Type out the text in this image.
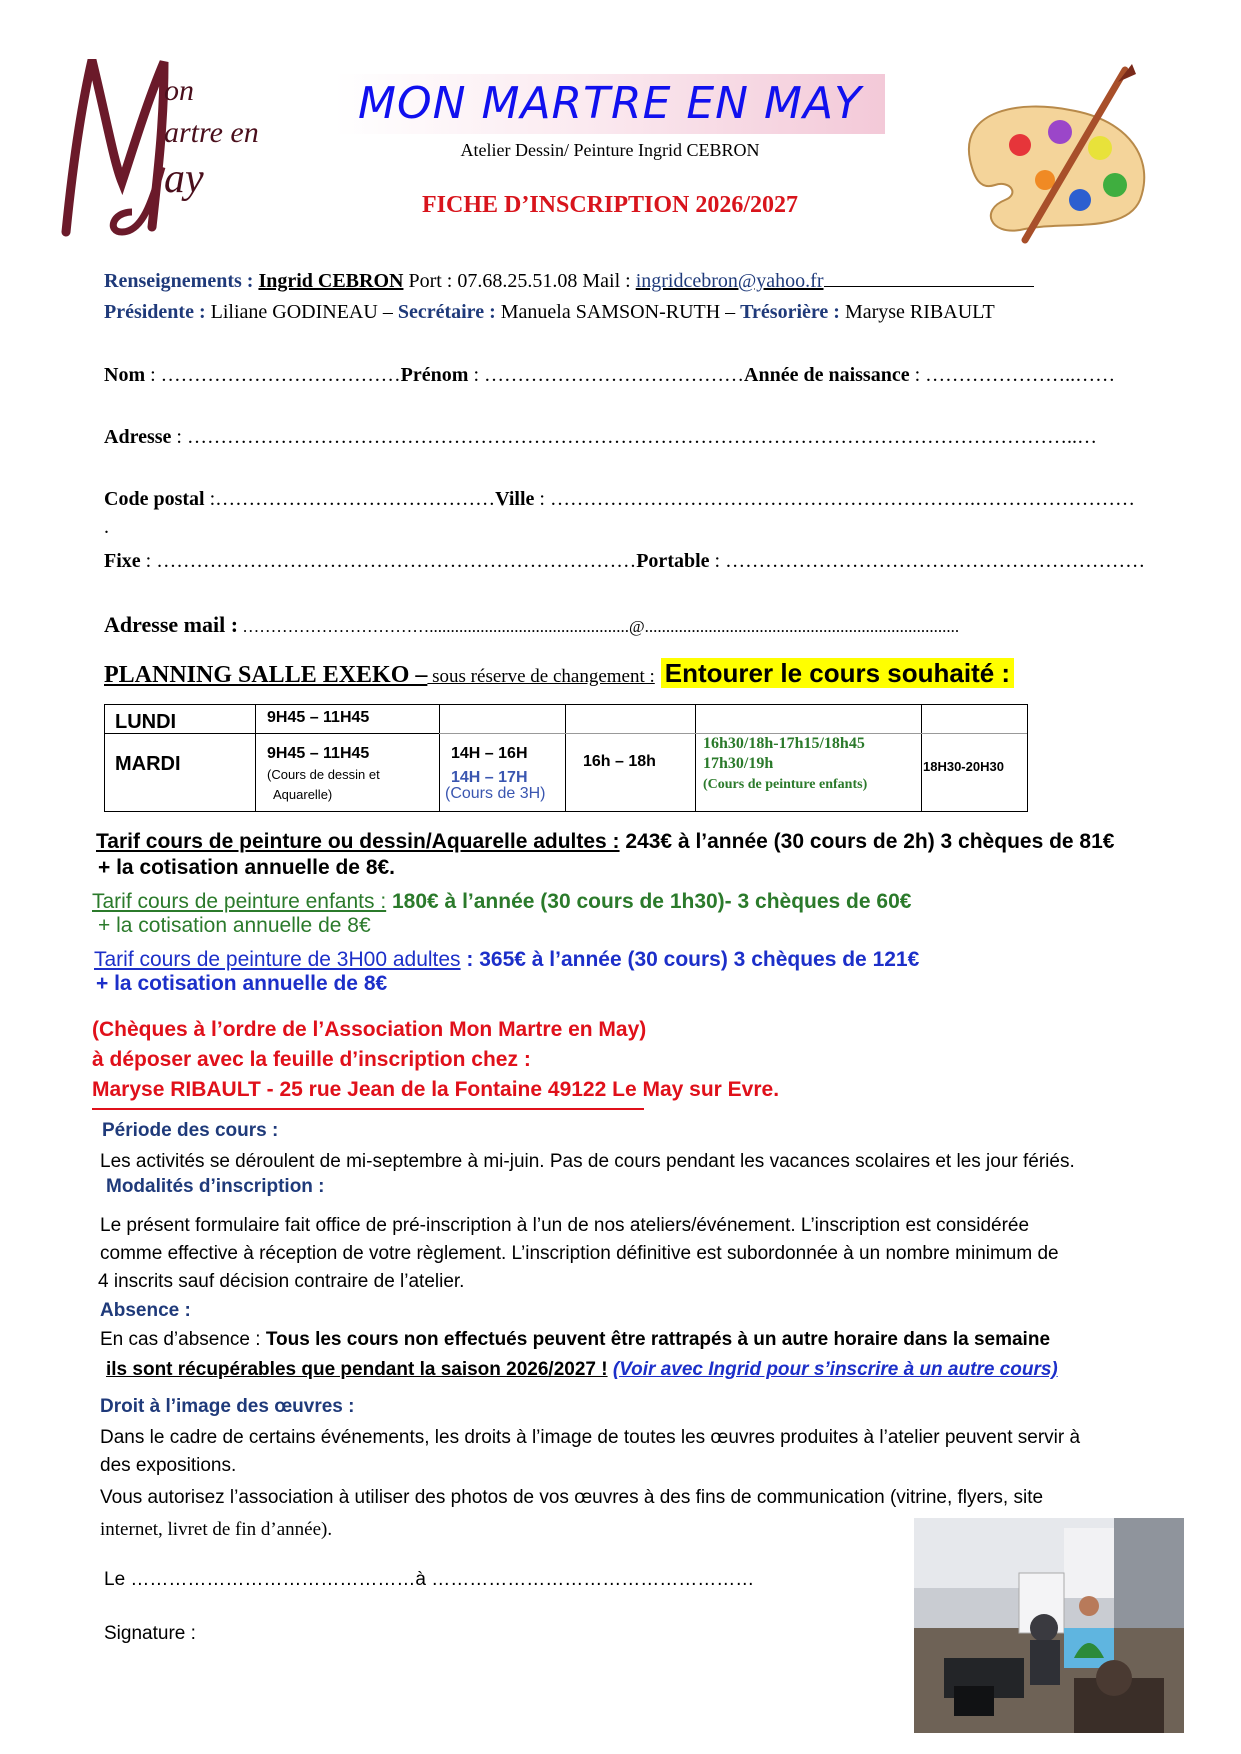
on
artre en
ay
MON MARTRE EN MAY
Atelier Dessin/ Peinture Ingrid CEBRON
FICHE D’INSCRIPTION 2026/2027
Renseignements : Ingrid CEBRON Port : 07.68.25.51.08 Mail : ingridcebron@yahoo.fr
Présidente : Liliane GODINEAU – Secrétaire : Manuela SAMSON-RUTH – Trésorière : Maryse RIBAULT
Nom : ………………………………Prénom : …………………………………Année de naissance : …………………..……
Adresse : ……………………………………………………………………………………………………………………..…
Code postal :……………………………………Ville : ……………………………………………………….……………………
.
Fixe : ………………………………………………………………Portable : ………………………………………………………
Adresse mail : ……………………………...............................................@..........................................................................
PLANNING SALLE EXEKO – sous réserve de changement : Entourer le cours souhaité :
LUNDI
MARDI
9H45 – 11H45
9H45 – 11H45
(Cours de dessin et
Aquarelle)
14H – 16H
14H – 17H
(Cours de 3H)
16h – 18h
16h30/18h-17h15/18h45
17h30/19h
(Cours de peinture enfants)
18H30-20H30
Tarif cours de peinture ou dessin/Aquarelle adultes : 243€ à l’année (30 cours de 2h) 3 chèques de 81€
+ la cotisation annuelle de 8€.
Tarif cours de peinture enfants : 180€ à l’année (30 cours de 1h30)- 3 chèques de 60€
+ la cotisation annuelle de 8€
Tarif cours de peinture de 3H00 adultes : 365€ à l’année (30 cours) 3 chèques de 121€
+ la cotisation annuelle de 8€
(Chèques à l’ordre de l’Association Mon Martre en May)
à déposer avec la feuille d’inscription chez :
Maryse RIBAULT - 25 rue Jean de la Fontaine 49122 Le May sur Evre.
Période des cours :
Les activités se déroulent de mi-septembre à mi-juin. Pas de cours pendant les vacances scolaires et les jour fériés.
Modalités d’inscription :
Le présent formulaire fait office de pré-inscription à l’un de nos ateliers/événement. L’inscription est considérée
comme effective à réception de votre règlement. L’inscription définitive est subordonnée à un nombre minimum de
4 inscrits sauf décision contraire de l’atelier.
Absence :
En cas d’absence : Tous les cours non effectués peuvent être rattrapés à un autre horaire dans la semaine
ils sont récupérables que pendant la saison 2026/2027 ! (Voir avec Ingrid pour s’inscrire à un autre cours)
Droit à l’image des œuvres :
Dans le cadre de certains événements, les droits à l’image de toutes les œuvres produites à l’atelier peuvent servir à
des expositions.
Vous autorisez l’association à utiliser des photos de vos œuvres à des fins de communication (vitrine, flyers, site
internet, livret de fin d’année).
Le ………………………………………à ……………………………………………
Signature :
